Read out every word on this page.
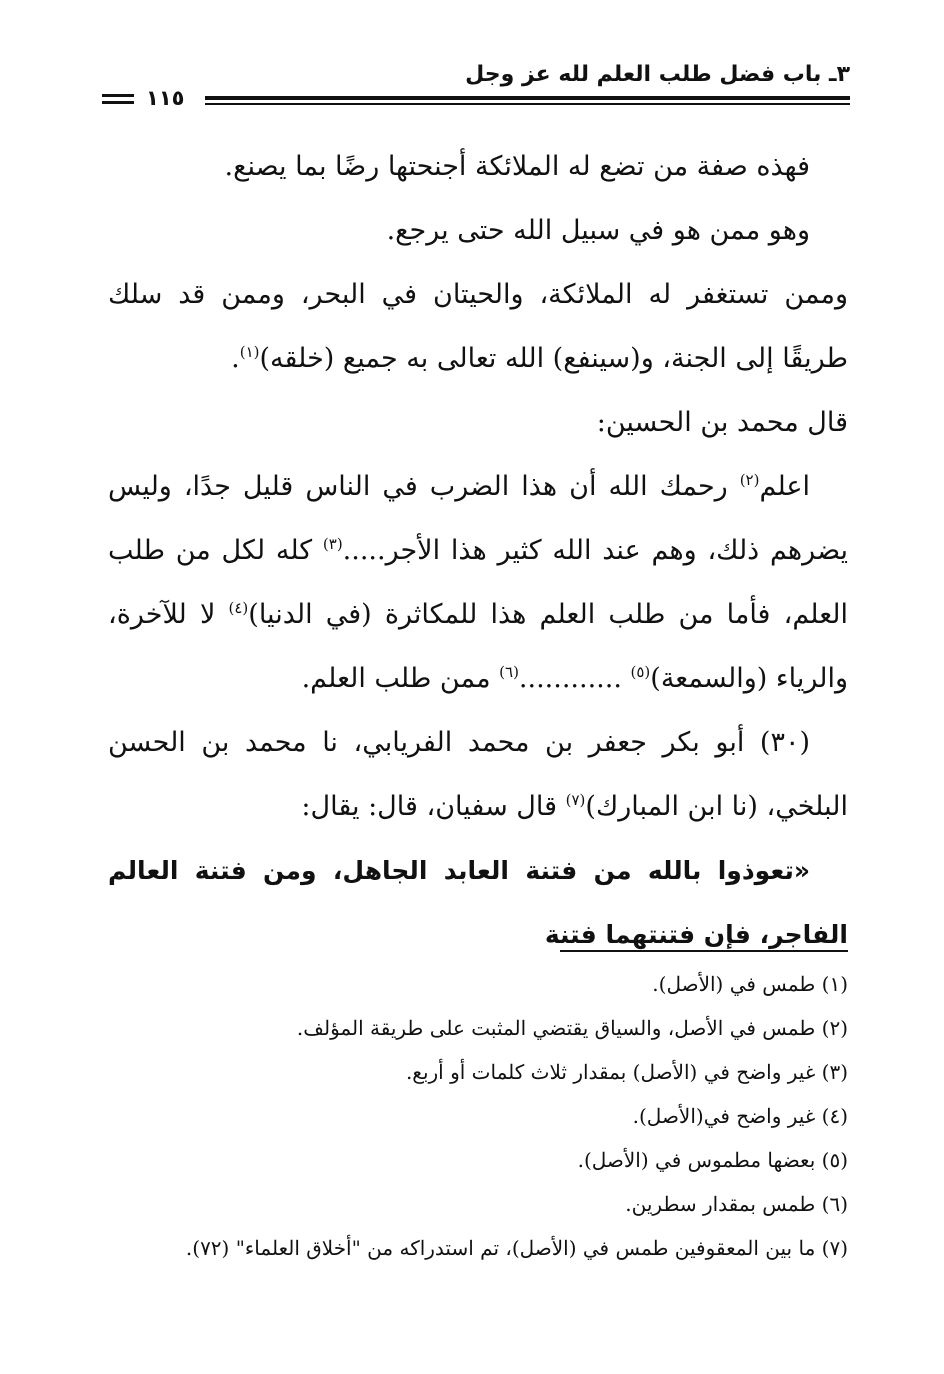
٣ـ باب فضل طلب العلم لله عز وجل
١١٥

فهذه صفة من تضع له الملائكة أجنحتها رضًا بما يصنع.

وهو ممن هو في سبيل الله حتى يرجع.

وممن تستغفر له الملائكة، والحيتان في البحر، وممن قد سلك طريقًا إلى الجنة، و(سينفع) الله تعالى به جميع (خلقه)$^{(١)}$.

قال محمد بن الحسين:

اعلم$^{(٢)}$ رحمك الله أن هذا الضرب في الناس قليل جدًا، وليس يضرهم ذلك، وهم عند الله كثير هذا الأجر.....$^{(٣)}$ كله لكل من طلب العلم، فأما من طلب العلم هذا للمكاثرة (في الدنيا)$^{(٤)}$ لا للآخرة، والرياء (والسمعة)$^{(٥)}$ ............$^{(٦)}$ ممن طلب العلم.

(٣٠) أبو بكر جعفر بن محمد الفريابي، نا محمد بن الحسن البلخي، (نا ابن المبارك)$^{(٧)}$ قال سفيان، قال: يقال:

«تعوذوا بالله من فتنة العابد الجاهل، ومن فتنة العالم الفاجر، فإن فتنتهما فتنة

(١) طمس في (الأصل).

(٢) طمس في الأصل، والسياق يقتضي المثبت على طريقة المؤلف.

(٣) غير واضح في (الأصل) بمقدار ثلاث كلمات أو أربع.

(٤) غير واضح في(الأصل).

(٥) بعضها مطموس في (الأصل).

(٦) طمس بمقدار سطرين.

(٧) ما بين المعقوفين طمس في (الأصل)، تم استدراكه من "أخلاق العلماء" (٧٢).
